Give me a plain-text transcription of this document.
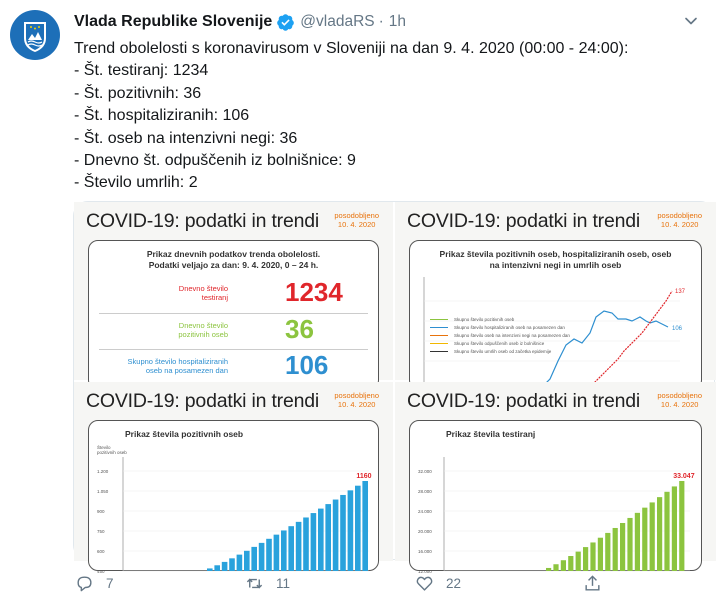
Vlada Republike Slovenije @vladaRS · 1h
Trend obolelosti s koronavirusom v Sloveniji na dan 9. 4. 2020 (00:00 - 24:00):
- Št. testiranj: 1234
- Št. pozitivnih: 36
- Št. hospitaliziranih: 106
- Št. oseb na intenzivni negi: 36
- Dnevno št. odpuščenih iz bolnišnice: 9
- Število umrlih: 2
COVID-19: podatki in trendi posodobljeno
10. 4. 2020
Prikaz dnevnih podatkov trenda obolelosti.
Podatki veljajo za dan: 9. 4. 2020, 0 – 24 h.
Dnevno število
testiranj 1234
Dnevno število
pozitivnih oseb 36
Skupno število hospitaliziranih
oseb na posamezen dan 106
COVID-19: podatki in trendi posodobljeno
10. 4. 2020
Prikaz števila pozitivnih oseb, hospitaliziranih oseb, oseb
na intenzivni negi in umrlih oseb
137
106
Skupno število pozitivnih oseb
Skupno število hospitaliziranih oseb na posamezen dan
Skupno število oseb na intenzivni negi na posamezen dan
Skupno število odpuščenih oseb iz bolnišnice
Skupno število umrlih oseb od začetka epidemije
COVID-19: podatki in trendi posodobljeno
10. 4. 2020
Prikaz števila pozitivnih oseb
Število
pozitivnih oseb
1.200
1.050
900
750
600
450
1160
COVID-19: podatki in trendi posodobljeno
10. 4. 2020
Prikaz števila testiranj
32.000
28.000
24.000
20.000
16.000
12.000
33.047
7	11	22
